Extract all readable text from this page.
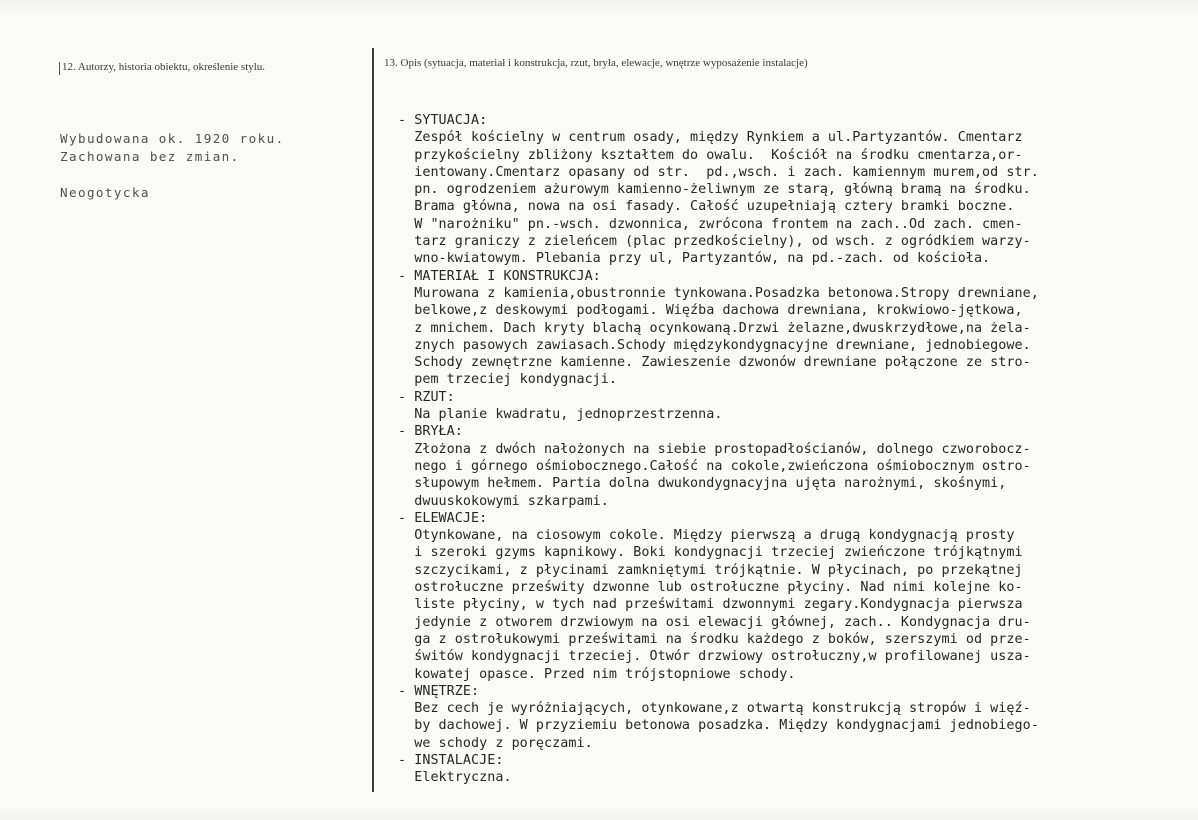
12. Autorzy, historia obiektu, określenie stylu.
Wybudowana ok. 1920 roku.
Zachowana bez zmian.

Neogotycka
13. Opis (sytuacja, materiał i konstrukcja, rzut, bryła, elewacje, wnętrze wyposażenie instalacje)
- SYTUACJA:
Zespół kościelny w centrum osady, między Rynkiem a ul.Partyzantów. Cmentarz
przykościelny zbliżony kształtem do owalu.  Kościół na środku cmentarza,or-
ientowany.Cmentarz opasany od str.  pd.,wsch. i zach. kamiennym murem,od str.
pn. ogrodzeniem ażurowym kamienno-żeliwnym ze starą, główną bramą na środku.
Brama główna, nowa na osi fasady. Całość uzupełniają cztery bramki boczne.
W "narożniku" pn.-wsch. dzwonnica, zwrócona frontem na zach..Od zach. cmen-
tarz graniczy z zieleńcem (plac przedkościelny), od wsch. z ogródkiem warzy-
wno-kwiatowym. Plebania przy ul, Partyzantów, na pd.-zach. od kościoła.
- MATERIAŁ I KONSTRUKCJA:
Murowana z kamienia,obustronnie tynkowana.Posadzka betonowa.Stropy drewniane,
belkowe,z deskowymi podłogami. Więźba dachowa drewniana, krokwiowo-jętkowa,
z mnichem. Dach kryty blachą ocynkowaną.Drzwi żelazne,dwuskrzydłowe,na żela-
znych pasowych zawiasach.Schody międzykondygnacyjne drewniane, jednobiegowe.
Schody zewnętrzne kamienne. Zawieszenie dzwonów drewniane połączone ze stro-
pem trzeciej kondygnacji.
- RZUT:
Na planie kwadratu, jednoprzestrzenna.
- BRYŁA:
Złożona z dwóch nałożonych na siebie prostopadłościanów, dolnego czworobocz-
nego i górnego ośmiobocznego.Całość na cokole,zwieńczona ośmiobocznym ostro-
słupowym hełmem. Partia dolna dwukondygnacyjna ujęta narożnymi, skośnymi,
dwuuskokowymi szkarpami.
- ELEWACJE:
Otynkowane, na ciosowym cokole. Między pierwszą a drugą kondygnacją prosty
i szeroki gzyms kapnikowy. Boki kondygnacji trzeciej zwieńczone trójkątnymi
szczycikami, z płycinami zamkniętymi trójkątnie. W płycinach, po przekątnej
ostrołuczne prześwity dzwonne lub ostrołuczne płyciny. Nad nimi kolejne ko-
liste płyciny, w tych nad prześwitami dzwonnymi zegary.Kondygnacja pierwsza
jedynie z otworem drzwiowym na osi elewacji głównej, zach.. Kondygnacja dru-
ga z ostrołukowymi prześwitami na środku każdego z boków, szerszymi od prze-
świtów kondygnacji trzeciej. Otwór drzwiowy ostrołuczny,w profilowanej uszа-
kowatej opasce. Przed nim trójstopniowe schody.
- WNĘTRZE:
Bez cech je wyróżniających, otynkowane,z otwartą konstrukcją stropów i więź-
by dachowej. W przyziemiu betonowa posadzka. Między kondygnacjami jednobiego-
we schody z poręczami.
- INSTALACJE:
Elektryczna.
